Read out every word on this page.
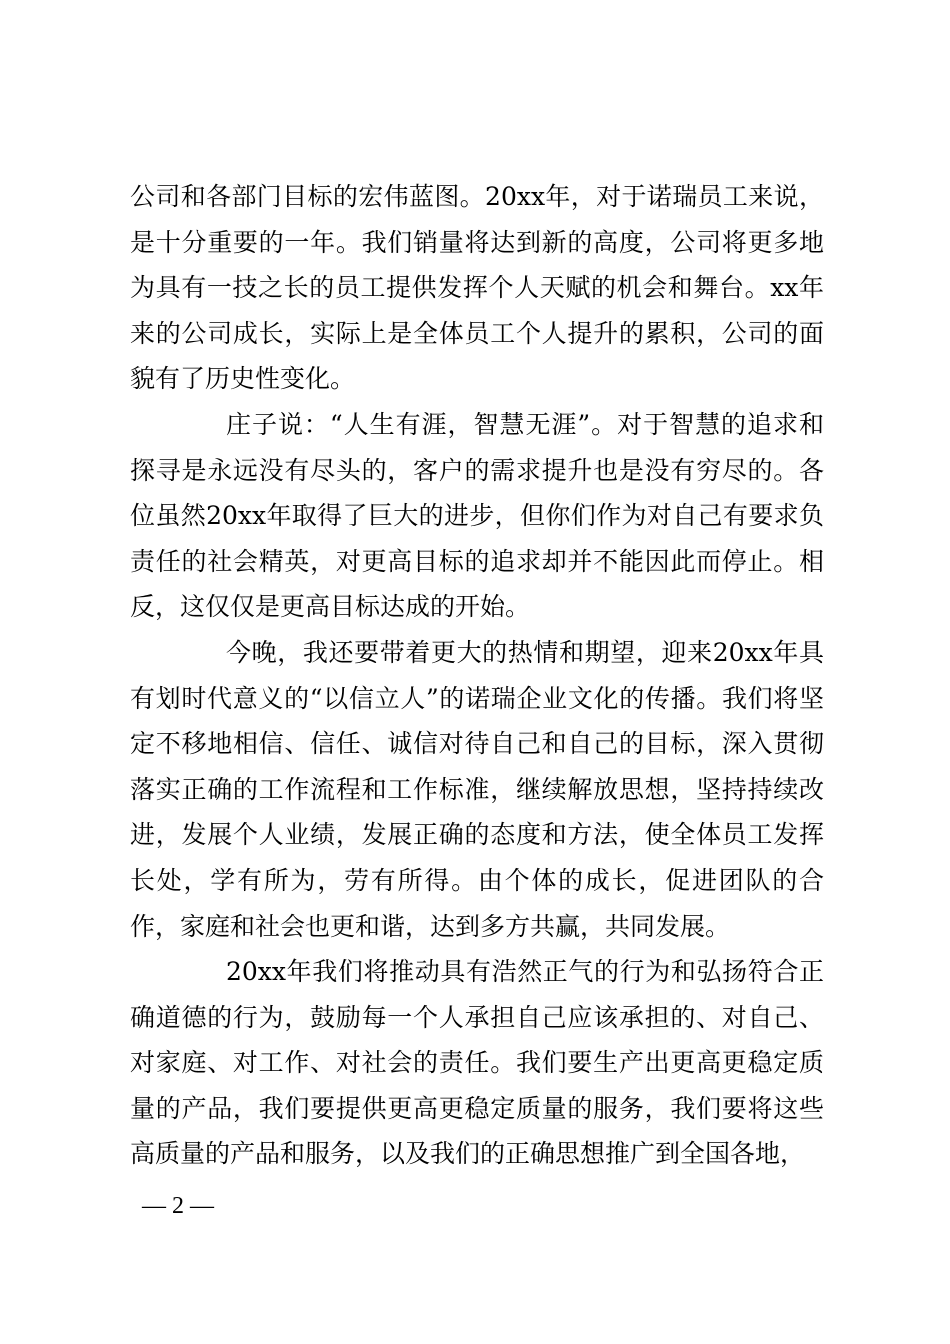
公司和各部门目标的宏伟蓝图。20xx年，对于诺瑞员工来说，是十分重要的一年。我们销量将达到新的高度，公司将更多地为具有一技之长的员工提供发挥个人天赋的机会和舞台。xx年来的公司成长，实际上是全体员工个人提升的累积，公司的面貌有了历史性变化。

庄子说：“人生有涯，智慧无涯”。对于智慧的追求和探寻是永远没有尽头的，客户的需求提升也是没有穷尽的。各位虽然20xx年取得了巨大的进步，但你们作为对自己有要求负责任的社会精英，对更高目标的追求却并不能因此而停止。相反，这仅仅是更高目标达成的开始。

今晚，我还要带着更大的热情和期望，迎来20xx年具有划时代意义的“以信立人”的诺瑞企业文化的传播。我们将坚定不移地相信、信任、诚信对待自己和自己的目标，深入贯彻落实正确的工作流程和工作标准，继续解放思想，坚持持续改进，发展个人业绩，发展正确的态度和方法，使全体员工发挥长处，学有所为，劳有所得。由个体的成长，促进团队的合作，家庭和社会也更和谐，达到多方共赢，共同发展。

20xx年我们将推动具有浩然正气的行为和弘扬符合正确道德的行为，鼓励每一个人承担自己应该承担的、对自己、对家庭、对工作、对社会的责任。我们要生产出更高更稳定质量的产品，我们要提供更高更稳定质量的服务，我们要将这些高质量的产品和服务，以及我们的正确思想推广到全国各地，

— 2 —
